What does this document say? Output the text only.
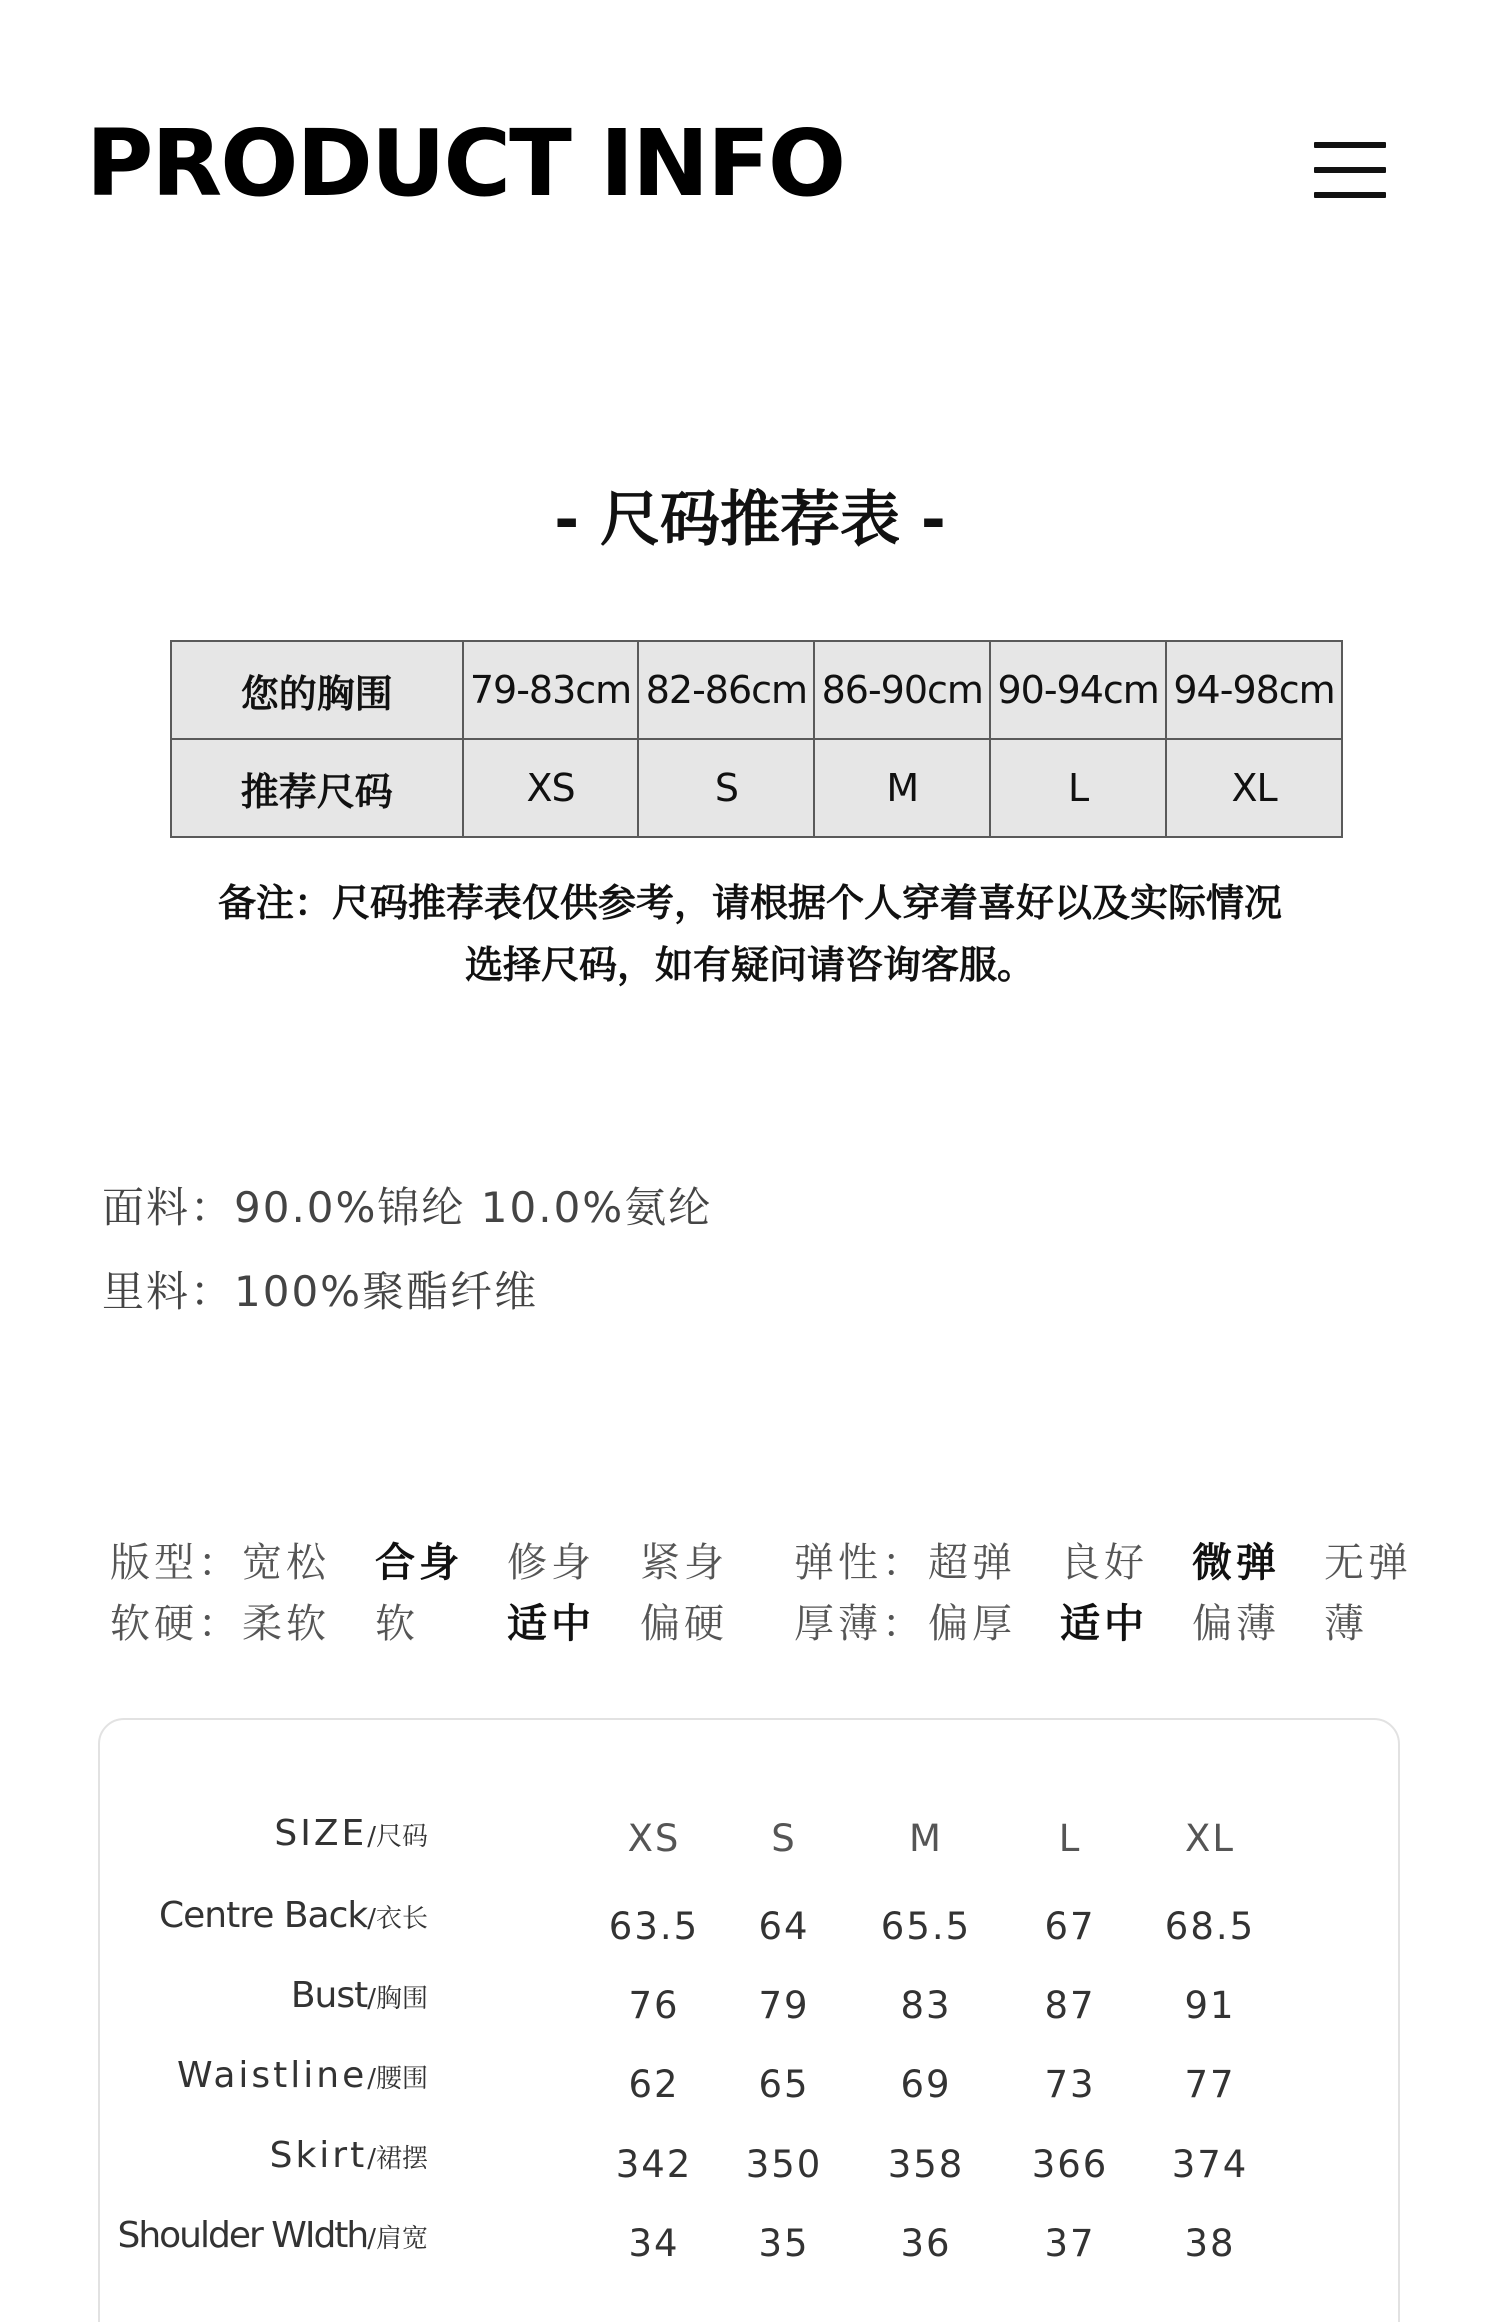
PRODUCT INFO
- 尺码推荐表 -
您的胸围	79-83cm	82-86cm	86-90cm	90-94cm	94-98cm
推荐尺码	XS	S	M	L	XL
备注：尺码推荐表仅供参考，请根据个人穿着喜好以及实际情况
选择尺码，如有疑问请咨询客服。
面料：90.0%锦纶 10.0%氨纶
里料：100%聚酯纤维
版型： 宽松 合身 修身 紧身 弹性： 超弹 良好 微弹 无弹
软硬： 柔软 软 适中 偏硬 厚薄： 偏厚 适中 偏薄 薄
SIZE/尺码	XS	S	M	L	XL
Centre Back/衣长	63.5	64	65.5	67	68.5
Bust/胸围	76	79	83	87	91
Waistline/腰围	62	65	69	73	77
Skirt/裙摆	342	350	358	366	374
Shoulder WIdth/肩宽	34	35	36	37	38
